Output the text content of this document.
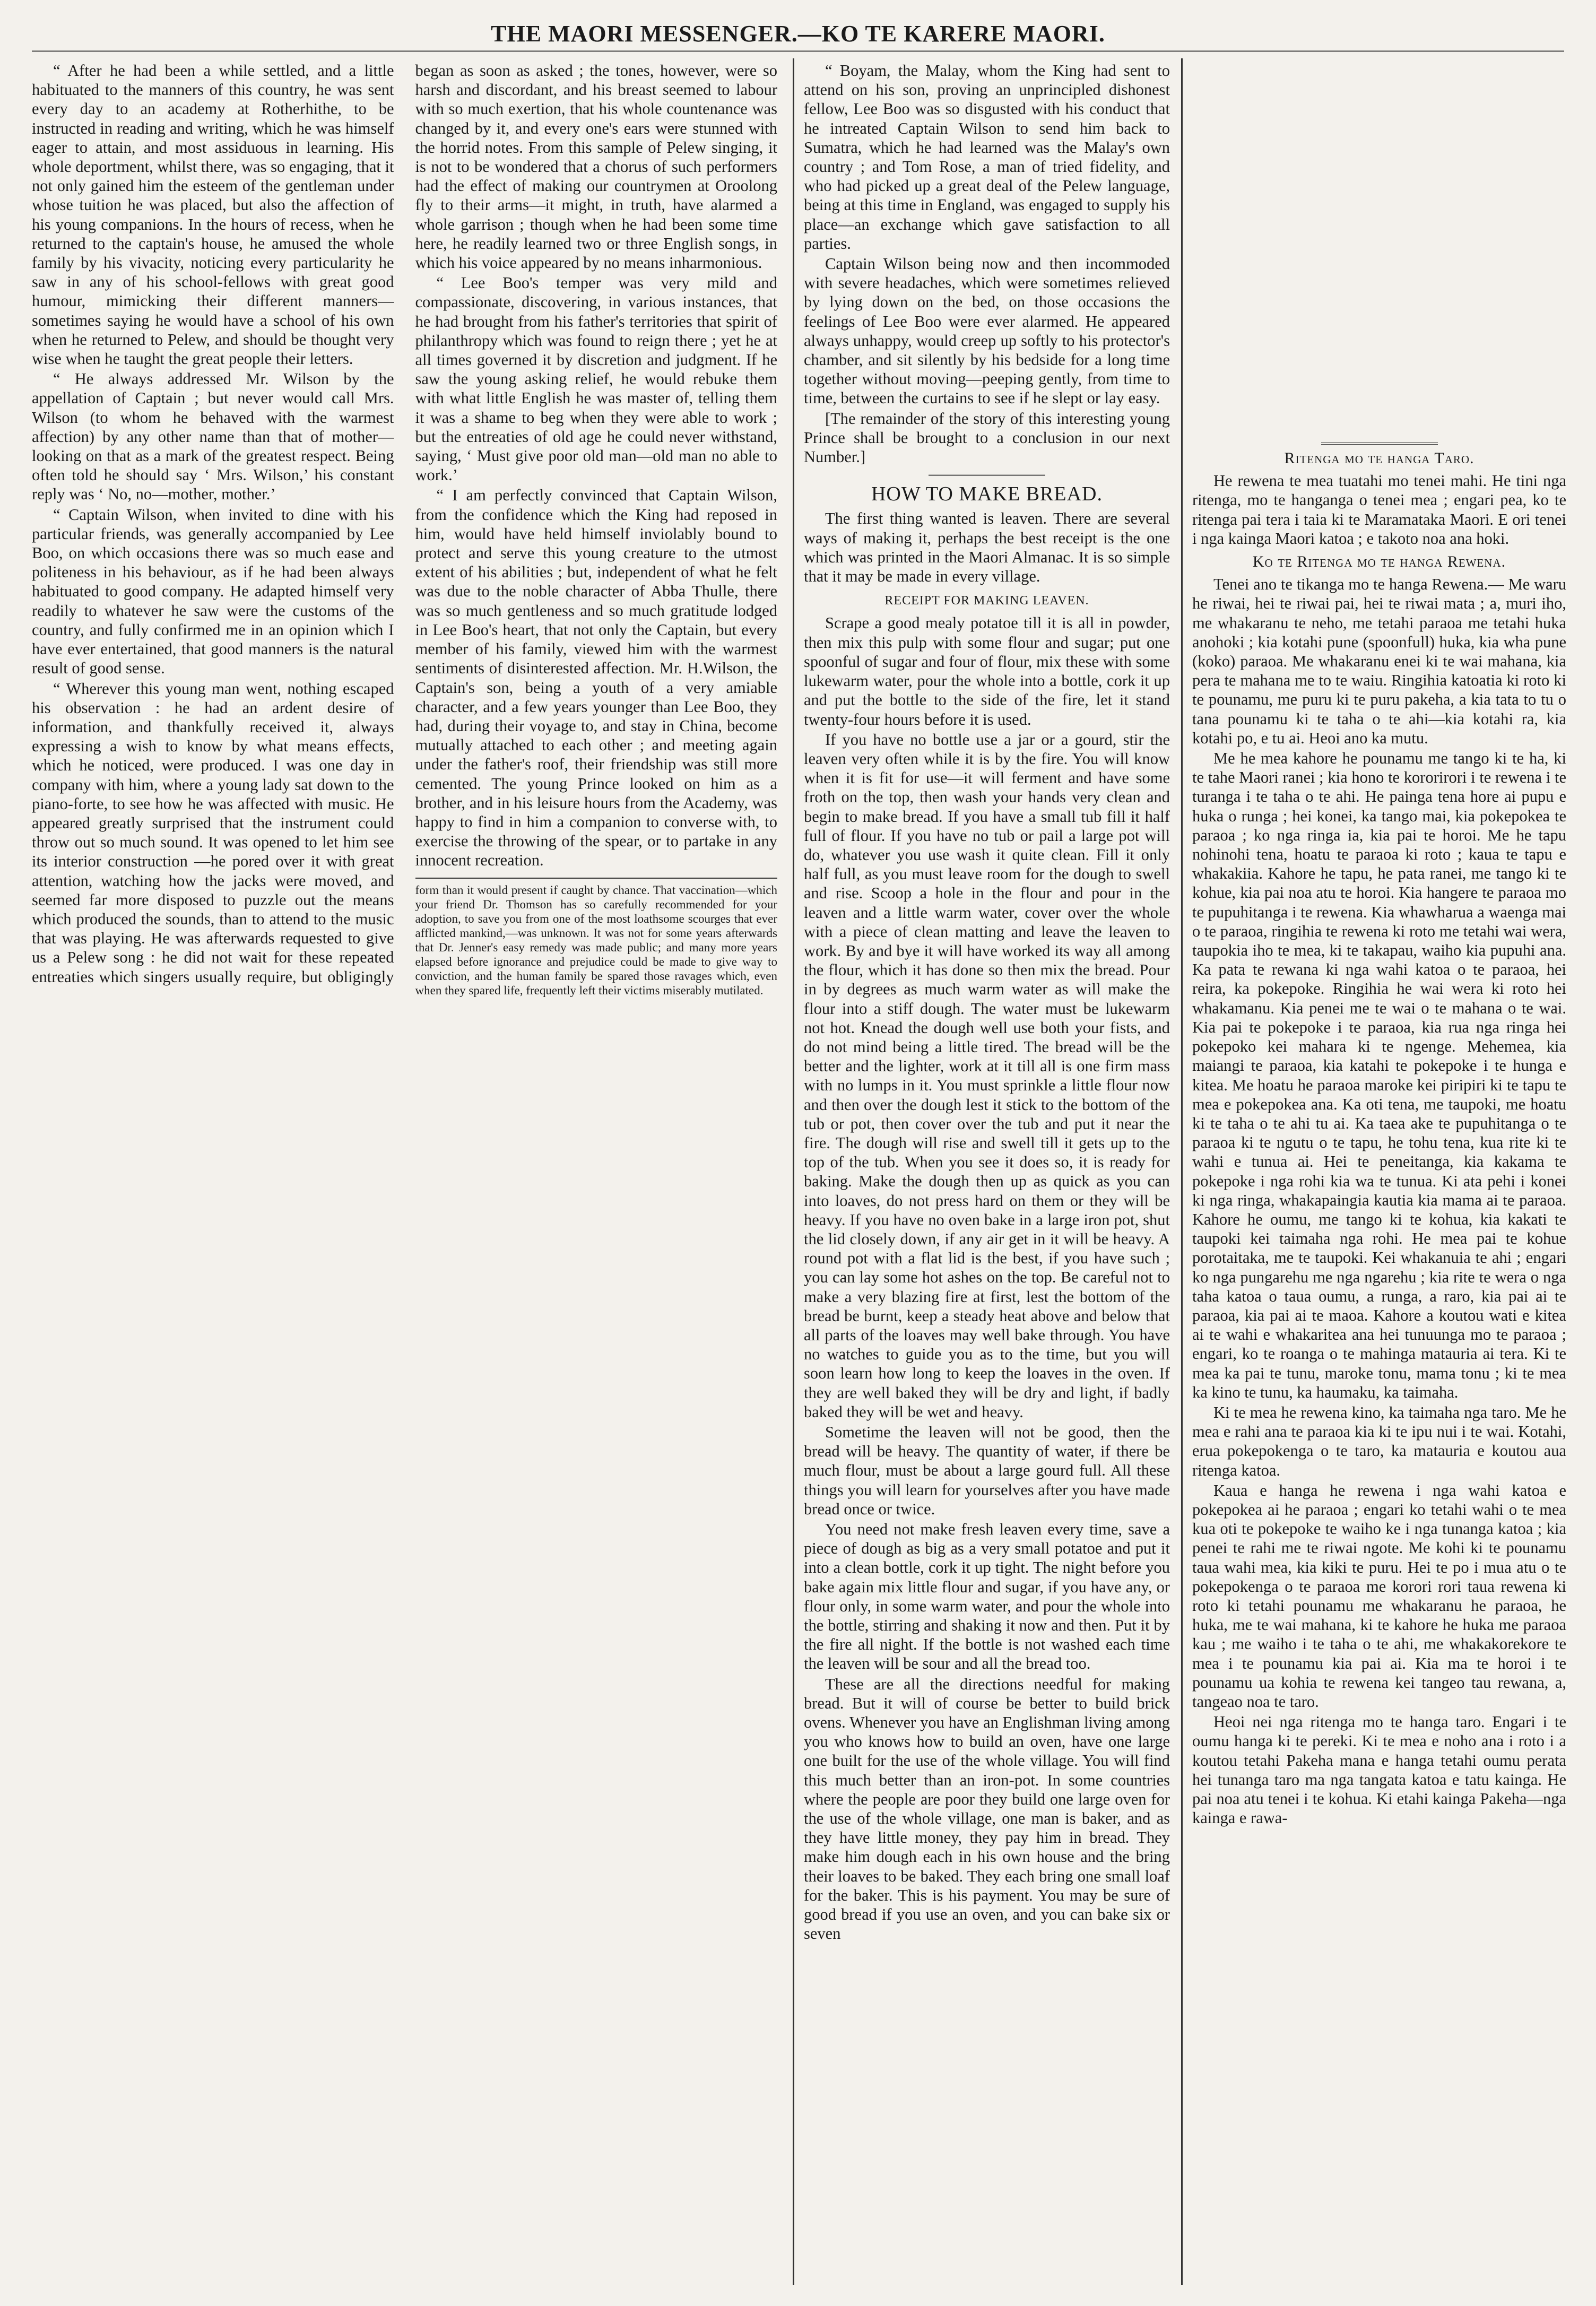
THE MAORI MESSENGER.—KO TE KARERE MAORI.

“ After he had been a while settled, and a little habituated to the manners of this country, he was sent every day to an academy at Rotherhithe, to be instructed in reading and writing, which he was himself eager to attain, and most assiduous in learning. His whole deportment, whilst there, was so engaging, that it not only gained him the esteem of the gentleman under whose tuition he was placed, but also the affection of his young companions. In the hours of recess, when he returned to the captain's house, he amused the whole family by his vivacity, noticing every particularity he saw in any of his school-fellows with great good humour, mimicking their different manners—sometimes saying he would have a school of his own when he returned to Pelew, and should be thought very wise when he taught the great people their letters.

“ He always addressed Mr. Wilson by the appellation of Captain ; but never would call Mrs. Wilson (to whom he behaved with the warmest affection) by any other name than that of mother—looking on that as a mark of the greatest respect. Being often told he should say ‘ Mrs. Wilson,’ his constant reply was ‘ No, no—mother, mother.’

“ Captain Wilson, when invited to dine with his particular friends, was generally accompanied by Lee Boo, on which occasions there was so much ease and politeness in his behaviour, as if he had been always habituated to good company. He adapted himself very readily to whatever he saw were the customs of the country, and fully confirmed me in an opinion which I have ever entertained, that good manners is the natural result of good sense.

“ Wherever this young man went, nothing escaped his observation : he had an ardent desire of information, and thankfully received it, always expressing a wish to know by what means effects, which he noticed, were produced. I was one day in company with him, where a young lady sat down to the piano-forte, to see how he was affected with music. He appeared greatly surprised that the instrument could throw out so much sound. It was opened to let him see its interior construction —he pored over it with great attention, watching how the jacks were moved, and seemed far more disposed to puzzle out the means which produced the sounds, than to attend to the music that was playing. He was afterwards requested to give us a Pelew song : he did not wait for these repeated entreaties which singers usually require, but obligingly began as soon as asked ; the tones, however, were so harsh and discordant, and his breast seemed to labour with so much exertion, that his whole countenance was changed by it, and every one's ears were stunned with the horrid notes. From this sample of Pelew singing, it is not to be wondered that a chorus of such performers had the effect of making our countrymen at Oroolong fly to their arms—it might, in truth, have alarmed a whole garrison ; though when he had been some time here, he readily learned two or three English songs, in which his voice appeared by no means inharmonious.

“ Lee Boo's temper was very mild and compassionate, discovering, in various instances, that he had brought from his father's territories that spirit of philanthropy which was found to reign there ; yet he at all times governed it by discretion and judgment. If he saw the young asking relief, he would rebuke them with what little English he was master of, telling them it was a shame to beg when they were able to work ; but the entreaties of old age he could never withstand, saying, ‘ Must give poor old man—old man no able to work.’

“ I am perfectly convinced that Captain Wilson, from the confidence which the King had reposed in him, would have held himself inviolably bound to protect and serve this young creature to the utmost extent of his abilities ; but, independent of what he felt was due to the noble character of Abba Thulle, there was so much gentleness and so much gratitude lodged in Lee Boo's heart, that not only the Captain, but every member of his family, viewed him with the warmest sentiments of disinterested affection. Mr. H.Wilson, the Captain's son, being a youth of a very amiable character, and a few years younger than Lee Boo, they had, during their voyage to, and stay in China, become mutually attached to each other ; and meeting again under the father's roof, their friendship was still more cemented. The young Prince looked on him as a brother, and in his leisure hours from the Academy, was happy to find in him a companion to converse with, to exercise the throwing of the spear, or to partake in any innocent recreation.

form than it would present if caught by chance. That vaccination—which your friend Dr. Thomson has so carefully recommended for your adoption, to save you from one of the most loathsome scourges that ever afflicted mankind,—was unknown. It was not for some years afterwards that Dr. Jenner's easy remedy was made public; and many more years elapsed before ignorance and prejudice could be made to give way to conviction, and the human family be spared those ravages which, even when they spared life, frequently left their victims miserably mutilated.

“ Boyam, the Malay, whom the King had sent to attend on his son, proving an unprincipled dishonest fellow, Lee Boo was so disgusted with his conduct that he intreated Captain Wilson to send him back to Sumatra, which he had learned was the Malay's own country ; and Tom Rose, a man of tried fidelity, and who had picked up a great deal of the Pelew language, being at this time in England, was engaged to supply his place—an exchange which gave satisfaction to all parties.

Captain Wilson being now and then incommoded with severe headaches, which were sometimes relieved by lying down on the bed, on those occasions the feelings of Lee Boo were ever alarmed. He appeared always unhappy, would creep up softly to his protector's chamber, and sit silently by his bedside for a long time together without moving—peeping gently, from time to time, between the curtains to see if he slept or lay easy.

[The remainder of the story of this interesting young Prince shall be brought to a conclusion in our next Number.]

HOW TO MAKE BREAD.

The first thing wanted is leaven. There are several ways of making it, perhaps the best receipt is the one which was printed in the Maori Almanac. It is so simple that it may be made in every village.

RECEIPT FOR MAKING LEAVEN.

Scrape a good mealy potatoe till it is all in powder, then mix this pulp with some flour and sugar; put one spoonful of sugar and four of flour, mix these with some lukewarm water, pour the whole into a bottle, cork it up and put the bottle to the side of the fire, let it stand twenty-four hours before it is used.

If you have no bottle use a jar or a gourd, stir the leaven very often while it is by the fire. You will know when it is fit for use—it will ferment and have some froth on the top, then wash your hands very clean and begin to make bread. If you have a small tub fill it half full of flour. If you have no tub or pail a large pot will do, whatever you use wash it quite clean. Fill it only half full, as you must leave room for the dough to swell and rise. Scoop a hole in the flour and pour in the leaven and a little warm water, cover over the whole with a piece of clean matting and leave the leaven to work. By and bye it will have worked its way all among the flour, which it has done so then mix the bread. Pour in by degrees as much warm water as will make the flour into a stiff dough. The water must be lukewarm not hot. Knead the dough well use both your fists, and do not mind being a little tired. The bread will be the better and the lighter, work at it till all is one firm mass with no lumps in it. You must sprinkle a little flour now and then over the dough lest it stick to the bottom of the tub or pot, then cover over the tub and put it near the fire. The dough will rise and swell till it gets up to the top of the tub. When you see it does so, it is ready for baking. Make the dough then up as quick as you can into loaves, do not press hard on them or they will be heavy. If you have no oven bake in a large iron pot, shut the lid closely down, if any air get in it will be heavy. A round pot with a flat lid is the best, if you have such ; you can lay some hot ashes on the top. Be careful not to make a very blazing fire at first, lest the bottom of the bread be burnt, keep a steady heat above and below that all parts of the loaves may well bake through. You have no watches to guide you as to the time, but you will soon learn how long to keep the loaves in the oven. If they are well baked they will be dry and light, if badly baked they will be wet and heavy.

Sometime the leaven will not be good, then the bread will be heavy. The quantity of water, if there be much flour, must be about a large gourd full. All these things you will learn for yourselves after you have made bread once or twice.

You need not make fresh leaven every time, save a piece of dough as big as a very small potatoe and put it into a clean bottle, cork it up tight. The night before you bake again mix little flour and sugar, if you have any, or flour only, in some warm water, and pour the whole into the bottle, stirring and shaking it now and then. Put it by the fire all night. If the bottle is not washed each time the leaven will be sour and all the bread too.

These are all the directions needful for making bread. But it will of course be better to build brick ovens. Whenever you have an Englishman living among you who knows how to build an oven, have one large one built for the use of the whole village. You will find this much better than an iron-pot. In some countries where the people are poor they build one large oven for the use of the whole village, one man is baker, and as they have little money, they pay him in bread. They make him dough each in his own house and the bring their loaves to be baked. They each bring one small loaf for the baker. This is his payment. You may be sure of good bread if you use an oven, and you can bake six or seven

Ritenga mo te hanga Taro.

He rewena te mea tuatahi mo tenei mahi. He tini nga ritenga, mo te hanganga o tenei mea ; engari pea, ko te ritenga pai tera i taia ki te Maramataka Maori. E ori tenei i nga kainga Maori katoa ; e takoto noa ana hoki.

Ko te Ritenga mo te hanga Rewena.

Tenei ano te tikanga mo te hanga Rewena.— Me waru he riwai, hei te riwai pai, hei te riwai mata ; a, muri iho, me whakaranu te neho, me tetahi paraoa me tetahi huka anohoki ; kia kotahi pune (spoonfull) huka, kia wha pune (koko) paraoa. Me whakaranu enei ki te wai mahana, kia pera te mahana me to te waiu. Ringihia katoatia ki roto ki te pounamu, me puru ki te puru pakeha, a kia tata to tu o tana pounamu ki te taha o te ahi—kia kotahi ra, kia kotahi po, e tu ai. Heoi ano ka mutu.

Me he mea kahore he pounamu me tango ki te ha, ki te tahe Maori ranei ; kia hono te kororirori i te rewena i te turanga i te taha o te ahi. He painga tena hore ai pupu e huka o runga ; hei konei, ka tango mai, kia pokepokea te paraoa ; ko nga ringa ia, kia pai te horoi. Me he tapu nohinohi tena, hoatu te paraoa ki roto ; kaua te tapu e whakakiia. Kahore he tapu, he pata ranei, me tango ki te kohue, kia pai noa atu te horoi. Kia hangere te paraoa mo te pupuhitanga i te rewena. Kia whawharua a waenga mai o te paraoa, ringihia te rewena ki roto me tetahi wai wera, taupokia iho te mea, ki te takapau, waiho kia pupuhi ana. Ka pata te rewana ki nga wahi katoa o te paraoa, hei reira, ka pokepoke. Ringihia he wai wera ki roto hei whakamanu. Kia penei me te wai o te mahana o te wai. Kia pai te pokepoke i te paraoa, kia rua nga ringa hei pokepoko kei mahara ki te ngenge. Mehemea, kia maiangi te paraoa, kia katahi te pokepoke i te hunga e kitea. Me hoatu he paraoa maroke kei piripiri ki te tapu te mea e pokepokea ana. Ka oti tena, me taupoki, me hoatu ki te taha o te ahi tu ai. Ka taea ake te pupuhitanga o te paraoa ki te ngutu o te tapu, he tohu tena, kua rite ki te wahi e tunua ai. Hei te peneitanga, kia kakama te pokepoke i nga rohi kia wa te tunua. Ki ata pehi i konei ki nga ringa, whakapaingia kautia kia mama ai te paraoa. Kahore he oumu, me tango ki te kohua, kia kakati te taupoki kei taimaha nga rohi. He mea pai te kohue porotaitaka, me te taupoki. Kei whakanuia te ahi ; engari ko nga pungarehu me nga ngarehu ; kia rite te wera o nga taha katoa o taua oumu, a runga, a raro, kia pai ai te paraoa, kia pai ai te maoa. Kahore a koutou wati e kitea ai te wahi e whakaritea ana hei tunuunga mo te paraoa ; engari, ko te roanga o te mahinga matauria ai tera. Ki te mea ka pai te tunu, maroke tonu, mama tonu ; ki te mea ka kino te tunu, ka haumaku, ka taimaha.

Ki te mea he rewena kino, ka taimaha nga taro. Me he mea e rahi ana te paraoa kia ki te ipu nui i te wai. Kotahi, erua pokepokenga o te taro, ka matauria e koutou aua ritenga katoa.

Kaua e hanga he rewena i nga wahi katoa e pokepokea ai he paraoa ; engari ko tetahi wahi o te mea kua oti te pokepoke te waiho ke i nga tunanga katoa ; kia penei te rahi me te riwai ngote. Me kohi ki te pounamu taua wahi mea, kia kiki te puru. Hei te po i mua atu o te pokepokenga o te paraoa me korori rori taua rewena ki roto ki tetahi pounamu me whakaranu he paraoa, he huka, me te wai mahana, ki te kahore he huka me paraoa kau ; me waiho i te taha o te ahi, me whakakorekore te mea i te pounamu kia pai ai. Kia ma te horoi i te pounamu ua kohia te rewena kei tangeo tau rewana, a, tangeao noa te taro.

Heoi nei nga ritenga mo te hanga taro. Engari i te oumu hanga ki te pereki. Ki te mea e noho ana i roto i a koutou tetahi Pakeha mana e hanga tetahi oumu perata hei tunanga taro ma nga tangata katoa e tatu kainga. He pai noa atu tenei i te kohua. Ki etahi kainga Pakeha—nga kainga e rawa-
